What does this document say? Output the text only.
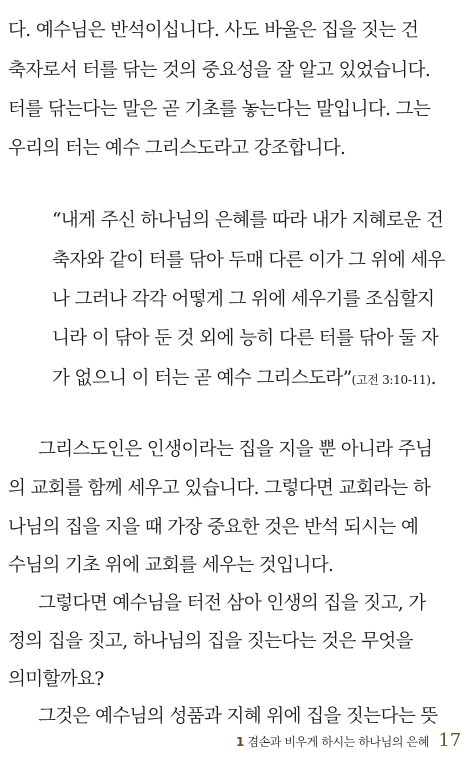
다. 예수님은 반석이십니다. 사도 바울은 집을 짓는 건
축자로서 터를 닦는 것의 중요성을 잘 알고 있었습니다.
터를 닦는다는 말은 곧 기초를 놓는다는 말입니다. 그는
우리의 터는 예수 그리스도라고 강조합니다.
“내게 주신 하나님의 은혜를 따라 내가 지혜로운 건
축자와 같이 터를 닦아 두매 다른 이가 그 위에 세우
나 그러나 각각 어떻게 그 위에 세우기를 조심할지
니라 이 닦아 둔 것 외에 능히 다른 터를 닦아 둘 자
가 없으니 이 터는 곧 예수 그리스도라”(고전 3:10-11).
그리스도인은 인생이라는 집을 지을 뿐 아니라 주님
의 교회를 함께 세우고 있습니다. 그렇다면 교회라는 하
나님의 집을 지을 때 가장 중요한 것은 반석 되시는 예
수님의 기초 위에 교회를 세우는 것입니다.
그렇다면 예수님을 터전 삼아 인생의 집을 짓고, 가
정의 집을 짓고, 하나님의 집을 짓는다는 것은 무엇을
의미할까요?
그것은 예수님의 성품과 지혜 위에 집을 짓는다는 뜻
1 겸손과 비우게 하시는 하나님의 은혜 17
